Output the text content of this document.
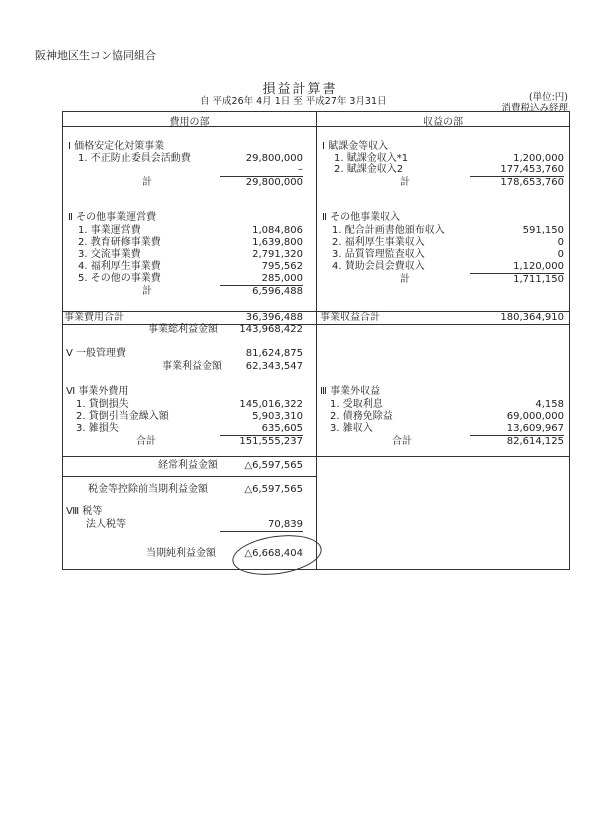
阪神地区生コン協同組合
損益計算書
自 平成26年 4月 1日 至 平成27年 3月31日	(単位:円)
消費税込み経理
費用の部	収益の部
Ⅰ 価格安定化対策事業
1. 不正防止委員会活動費	29,800,000
–
計	29,800,000
Ⅱ その他事業運営費
1. 事業運営費	1,084,806
2. 教育研修事業費	1,639,800
3. 交流事業費	2,791,320
4. 福利厚生事業費	795,562
5. その他の事業費	285,000
計	6,596,488
事業費用合計	36,396,488
事業総利益金額	143,968,422
Ⅴ 一般管理費	81,624,875
事業利益金額	62,343,547
Ⅵ 事業外費用
1. 貸倒損失	145,016,322
2. 貸倒引当金繰入額	5,903,310
3. 雑損失	635,605
合計	151,555,237
経常利益金額	△6,597,565
税金等控除前当期利益金額	△6,597,565
Ⅷ 税等
法人税等	70,839
当期純利益金額	△6,668,404
Ⅰ 賦課金等収入
1. 賦課金収入*1	1,200,000
2. 賦課金収入2	177,453,760
計	178,653,760
Ⅱ その他事業収入
1. 配合計画書他頒布収入	591,150
2. 福利厚生事業収入	0
3. 品質管理監査収入	0
4. 賛助会員会費収入	1,120,000
計	1,711,150
事業収益合計	180,364,910
Ⅲ 事業外収益
1. 受取利息	4,158
2. 債務免除益	69,000,000
3. 雑収入	13,609,967
合計	82,614,125
